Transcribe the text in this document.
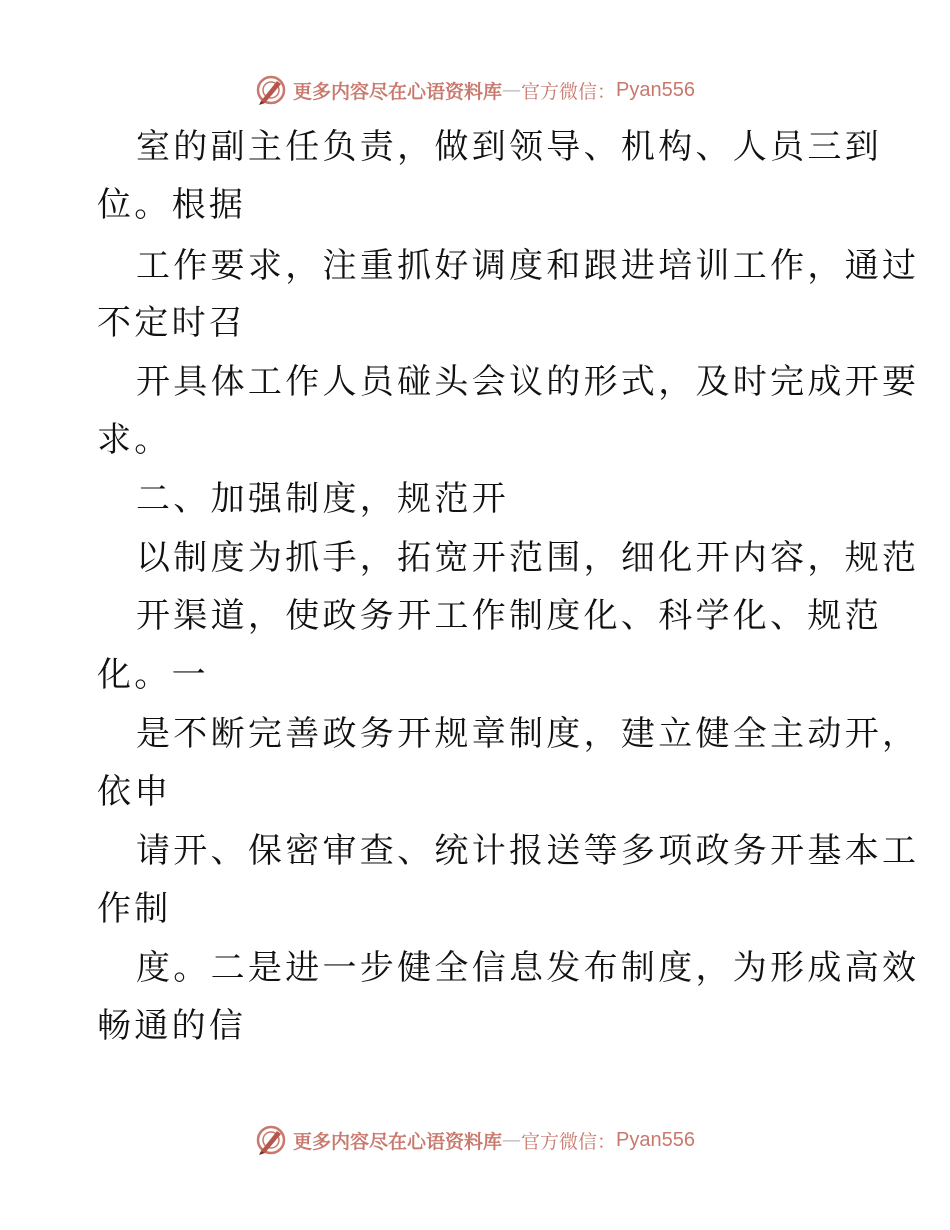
更多内容尽在心语资料库 — 官方微信： Pyan556
室的副主任负责，做到领导、机构、人员三到
位。根据
工作要求，注重抓好调度和跟进培训工作，通过
不定时召
开具体工作人员碰头会议的形式，及时完成开要
求。
二、加强制度，规范开
以制度为抓手，拓宽开范围，细化开内容，规范
开渠道，使政务开工作制度化、科学化、规范
化。一
是不断完善政务开规章制度，建立健全主动开，
依申
请开、保密审查、统计报送等多项政务开基本工
作制
度。二是进一步健全信息发布制度，为形成高效
畅通的信
更多内容尽在心语资料库 — 官方微信： Pyan556
